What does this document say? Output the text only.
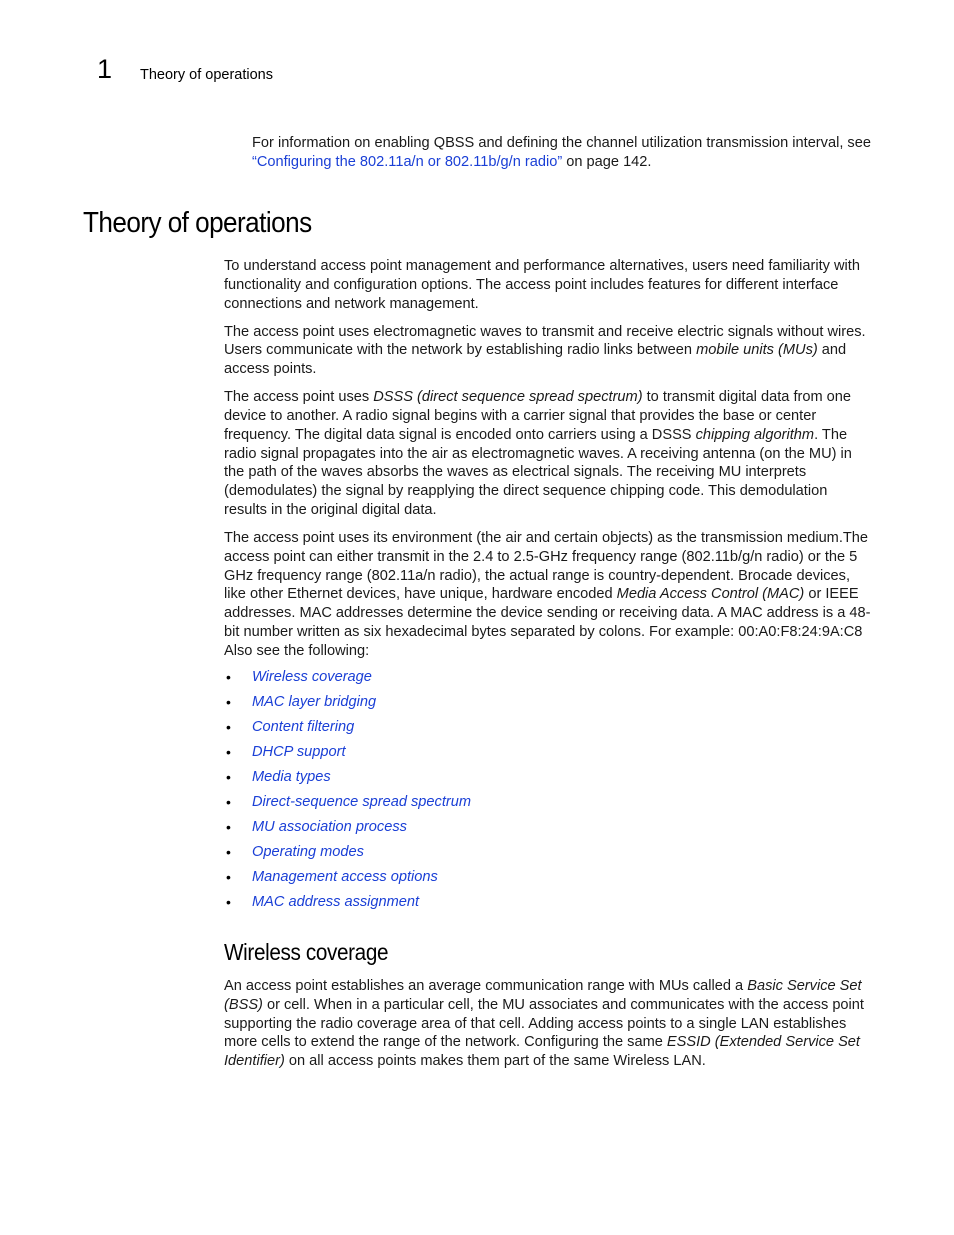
1 Theory of operations

For information on enabling QBSS and defining the channel utilization transmission interval, see “Configuring the 802.11a/n or 802.11b/g/n radio” on page 142.

Theory of operations

To understand access point management and performance alternatives, users need familiarity with functionality and configuration options. The access point includes features for different interface connections and network management.

The access point uses electromagnetic waves to transmit and receive electric signals without wires. Users communicate with the network by establishing radio links between mobile units (MUs) and access points.

The access point uses DSSS (direct sequence spread spectrum) to transmit digital data from one device to another. A radio signal begins with a carrier signal that provides the base or center frequency. The digital data signal is encoded onto carriers using a DSSS chipping algorithm. The radio signal propagates into the air as electromagnetic waves. A receiving antenna (on the MU) in the path of the waves absorbs the waves as electrical signals. The receiving MU interprets (demodulates) the signal by reapplying the direct sequence chipping code. This demodulation results in the original digital data.

The access point uses its environment (the air and certain objects) as the transmission medium.The access point can either transmit in the 2.4 to 2.5-GHz frequency range (802.11b/g/n radio) or the 5 GHz frequency range (802.11a/n radio), the actual range is country-dependent. Brocade devices, like other Ethernet devices, have unique, hardware encoded Media Access Control (MAC) or IEEE addresses. MAC addresses determine the device sending or receiving data. A MAC address is a 48-bit number written as six hexadecimal bytes separated by colons. For example: 00:A0:F8:24:9A:C8 Also see the following:

• Wireless coverage
• MAC layer bridging
• Content filtering
• DHCP support
• Media types
• Direct-sequence spread spectrum
• MU association process
• Operating modes
• Management access options
• MAC address assignment
Wireless coverage

An access point establishes an average communication range with MUs called a Basic Service Set (BSS) or cell. When in a particular cell, the MU associates and communicates with the access point supporting the radio coverage area of that cell. Adding access points to a single LAN establishes more cells to extend the range of the network. Configuring the same ESSID (Extended Service Set Identifier) on all access points makes them part of the same Wireless LAN.
